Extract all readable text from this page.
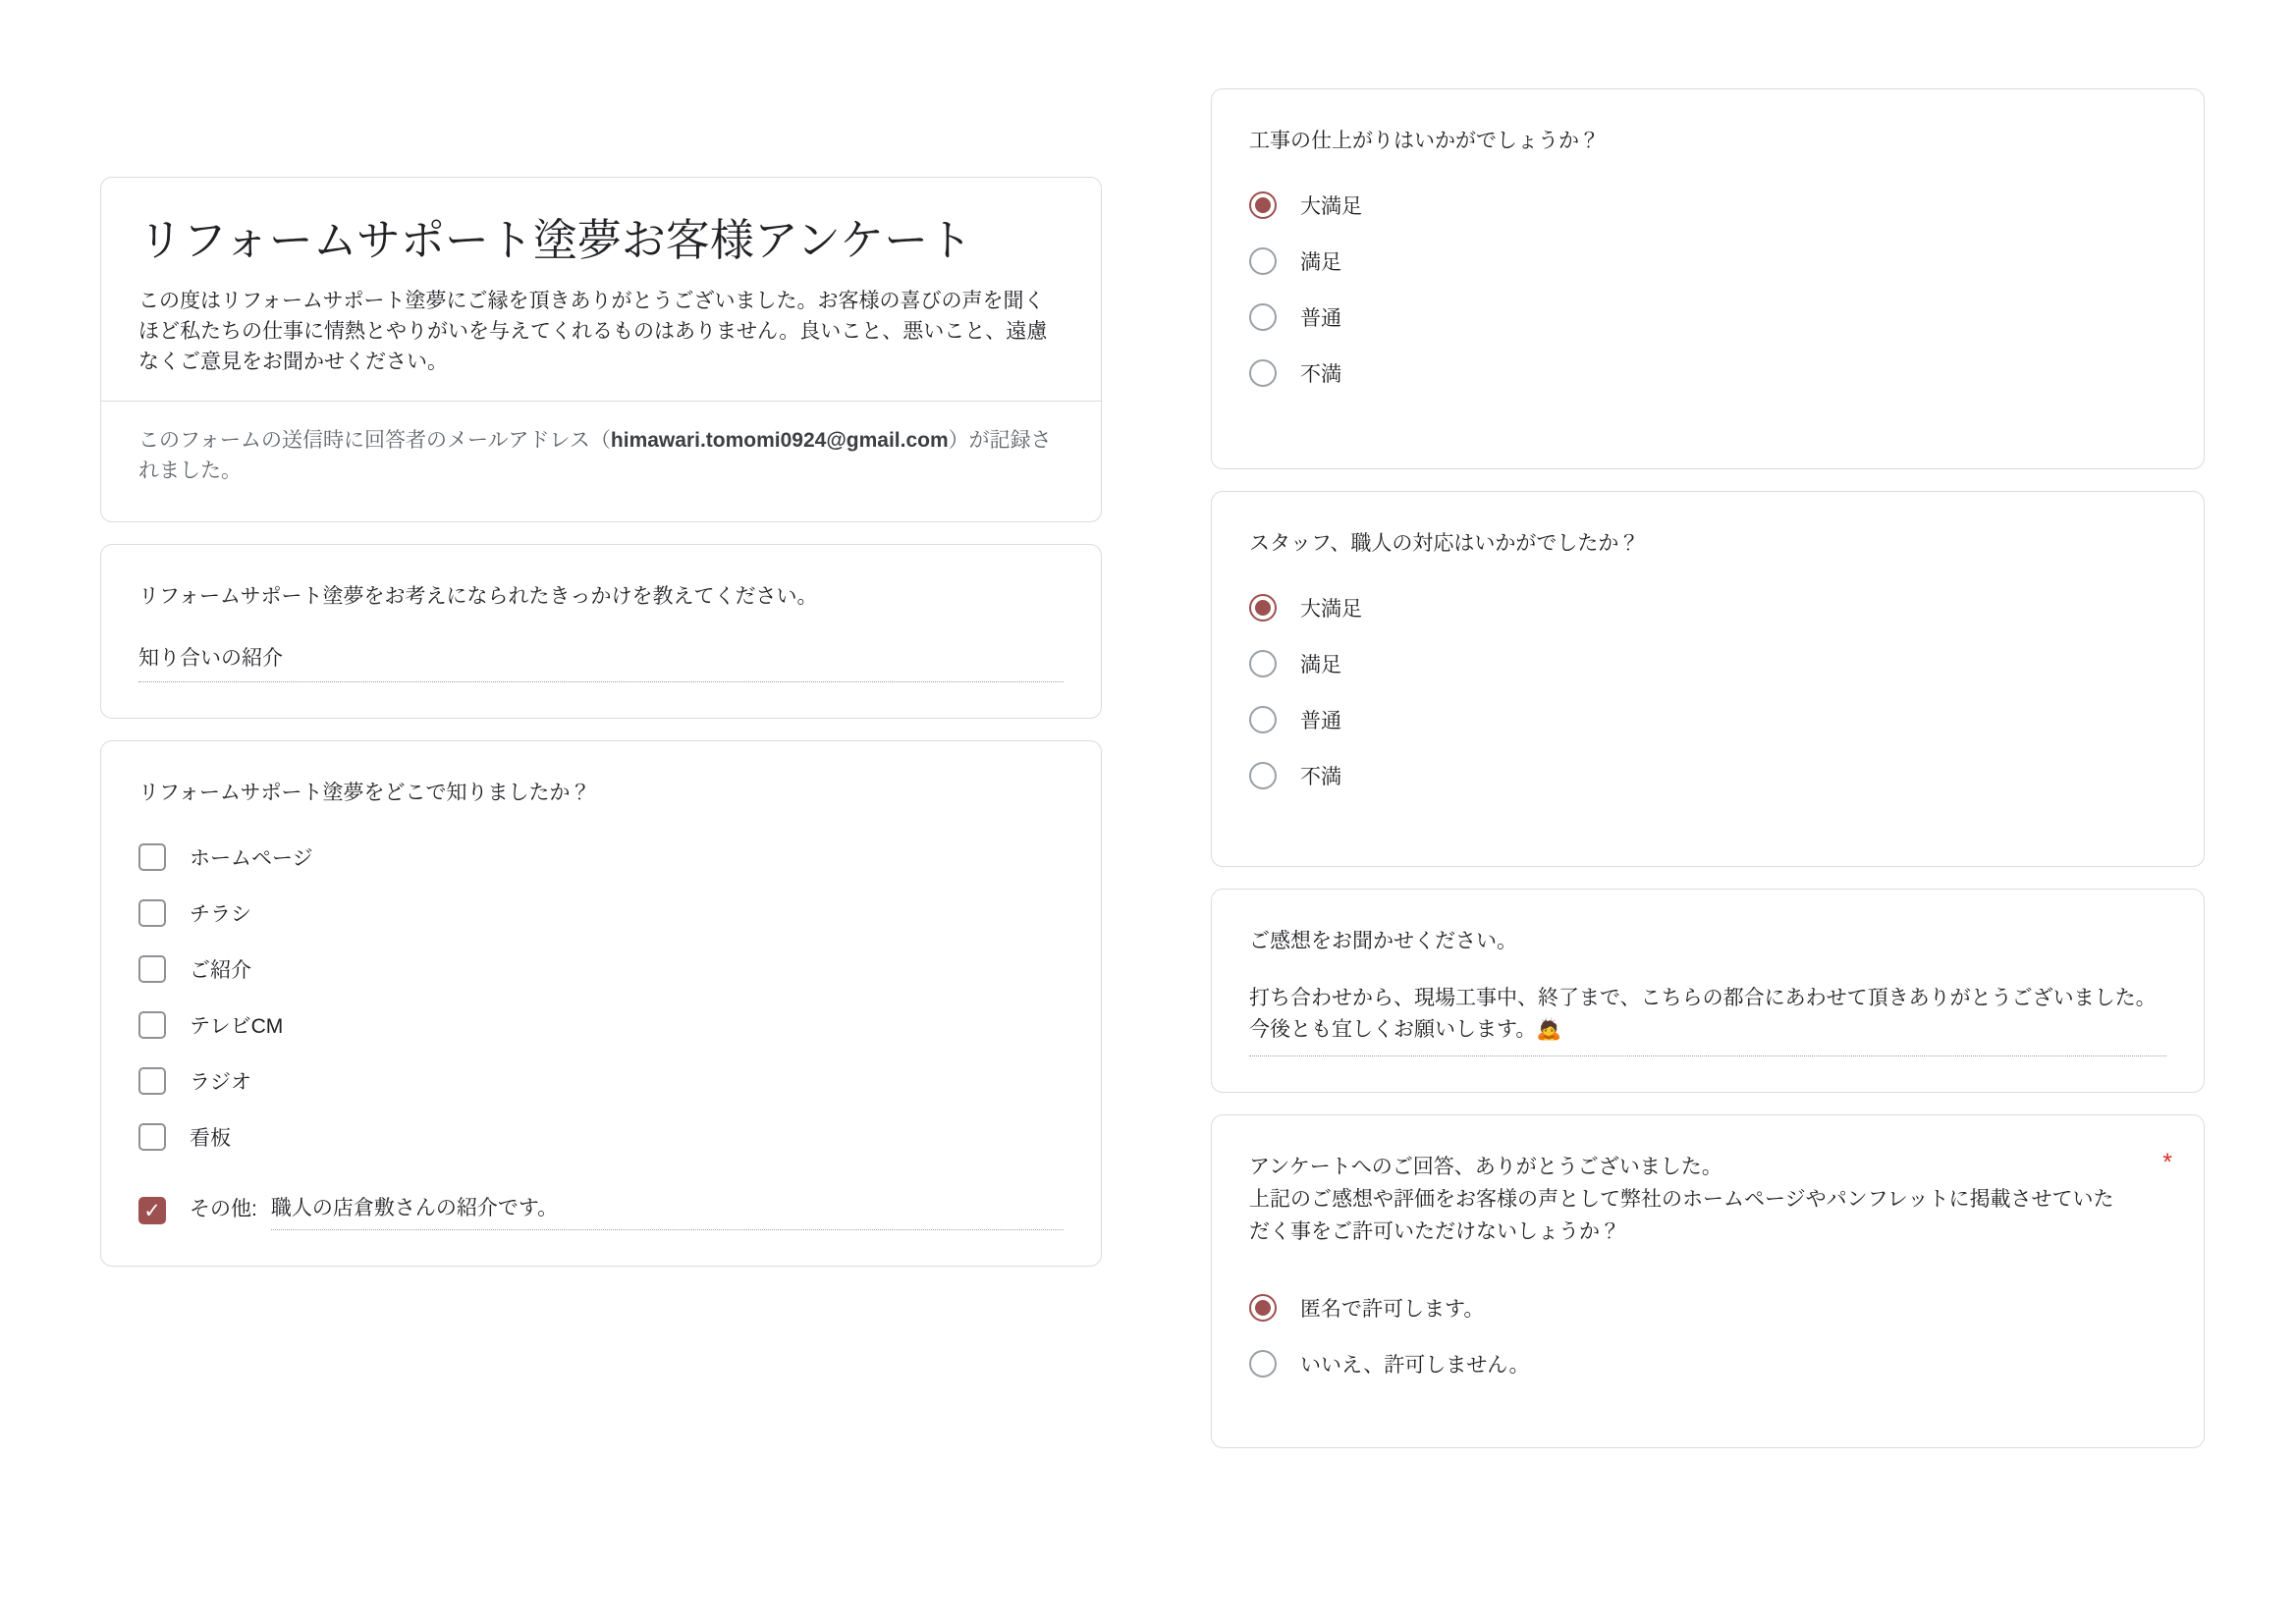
リフォームサポート塗夢お客様アンケート
この度はリフォームサポート塗夢にご縁を頂きありがとうございました。お客様の喜びの声を聞くほど私たちの仕事に情熱とやりがいを与えてくれるものはありません。良いこと、悪いこと、遠慮なくご意見をお聞かせください。
このフォームの送信時に回答者のメールアドレス（himawari.tomomi0924@gmail.com）が記録されました。
リフォームサポート塗夢をお考えになられたきっかけを教えてください。
知り合いの紹介
リフォームサポート塗夢をどこで知りましたか？
ホームページ
チラシ
ご紹介
テレビCM
ラジオ
看板
✓ その他: 職人の店倉敷さんの紹介です。
工事の仕上がりはいかがでしょうか？
大満足
満足
普通
不満
スタッフ、職人の対応はいかがでしたか？
大満足
満足
普通
不満
ご感想をお聞かせください。
打ち合わせから、現場工事中、終了まで、こちらの都合にあわせて頂きありがとうございました。
今後とも宜しくお願いします。🙇
*
アンケートへのご回答、ありがとうございました。
上記のご感想や評価をお客様の声として弊社のホームページやパンフレットに掲載させていただく事をご許可いただけないしょうか？
匿名で許可します。
いいえ、許可しません。
